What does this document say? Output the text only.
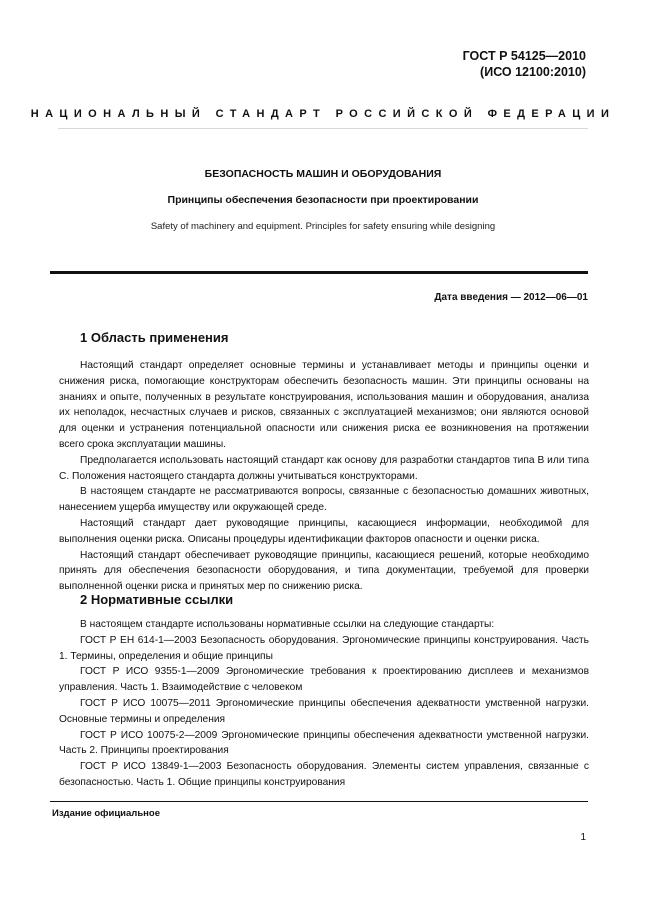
ГОСТ Р 54125—2010
(ИСО 12100:2010)
НАЦИОНАЛЬНЫЙ СТАНДАРТ РОССИЙСКОЙ ФЕДЕРАЦИИ
БЕЗОПАСНОСТЬ МАШИН И ОБОРУДОВАНИЯ
Принципы обеспечения безопасности при проектировании
Safety of machinery and equipment. Principles for safety ensuring while designing
Дата введения — 2012—06—01
1 Область применения

Настоящий стандарт определяет основные термины и устанавливает методы и принципы оценки и снижения риска, помогающие конструкторам обеспечить безопасность машин. Эти принципы основаны на знаниях и опыте, полученных в результате конструирования, использования машин и оборудования, анализа их неполадок, несчастных случаев и рисков, связанных с эксплуатацией механизмов; они являются основой для оценки и устранения потенциальной опасности или снижения риска ее возникновения на протяжении всего срока эксплуатации машины.

Предполагается использовать настоящий стандарт как основу для разработки стандартов типа В или типа С. Положения настоящего стандарта должны учитываться конструкторами.

В настоящем стандарте не рассматриваются вопросы, связанные с безопасностью домашних животных, нанесением ущерба имуществу или окружающей среде.

Настоящий стандарт дает руководящие принципы, касающиеся информации, необходимой для выполнения оценки риска. Описаны процедуры идентификации факторов опасности и оценки риска.

Настоящий стандарт обеспечивает руководящие принципы, касающиеся решений, которые необходимо принять для обеспечения безопасности оборудования, и типа документации, требуемой для проверки выполненной оценки риска и принятых мер по снижению риска.

2 Нормативные ссылки

В настоящем стандарте использованы нормативные ссылки на следующие стандарты:

ГОСТ Р ЕН 614-1—2003 Безопасность оборудования. Эргономические принципы конструирования. Часть 1. Термины, определения и общие принципы

ГОСТ Р ИСО 9355-1—2009 Эргономические требования к проектированию дисплеев и механизмов управления. Часть 1. Взаимодействие с человеком

ГОСТ Р ИСО 10075—2011 Эргономические принципы обеспечения адекватности умственной нагрузки. Основные термины и определения

ГОСТ Р ИСО 10075-2—2009 Эргономические принципы обеспечения адекватности умственной нагрузки. Часть 2. Принципы проектирования

ГОСТ Р ИСО 13849-1—2003 Безопасность оборудования. Элементы систем управления, связанные с безопасностью. Часть 1. Общие принципы конструирования

Издание официальное
1
